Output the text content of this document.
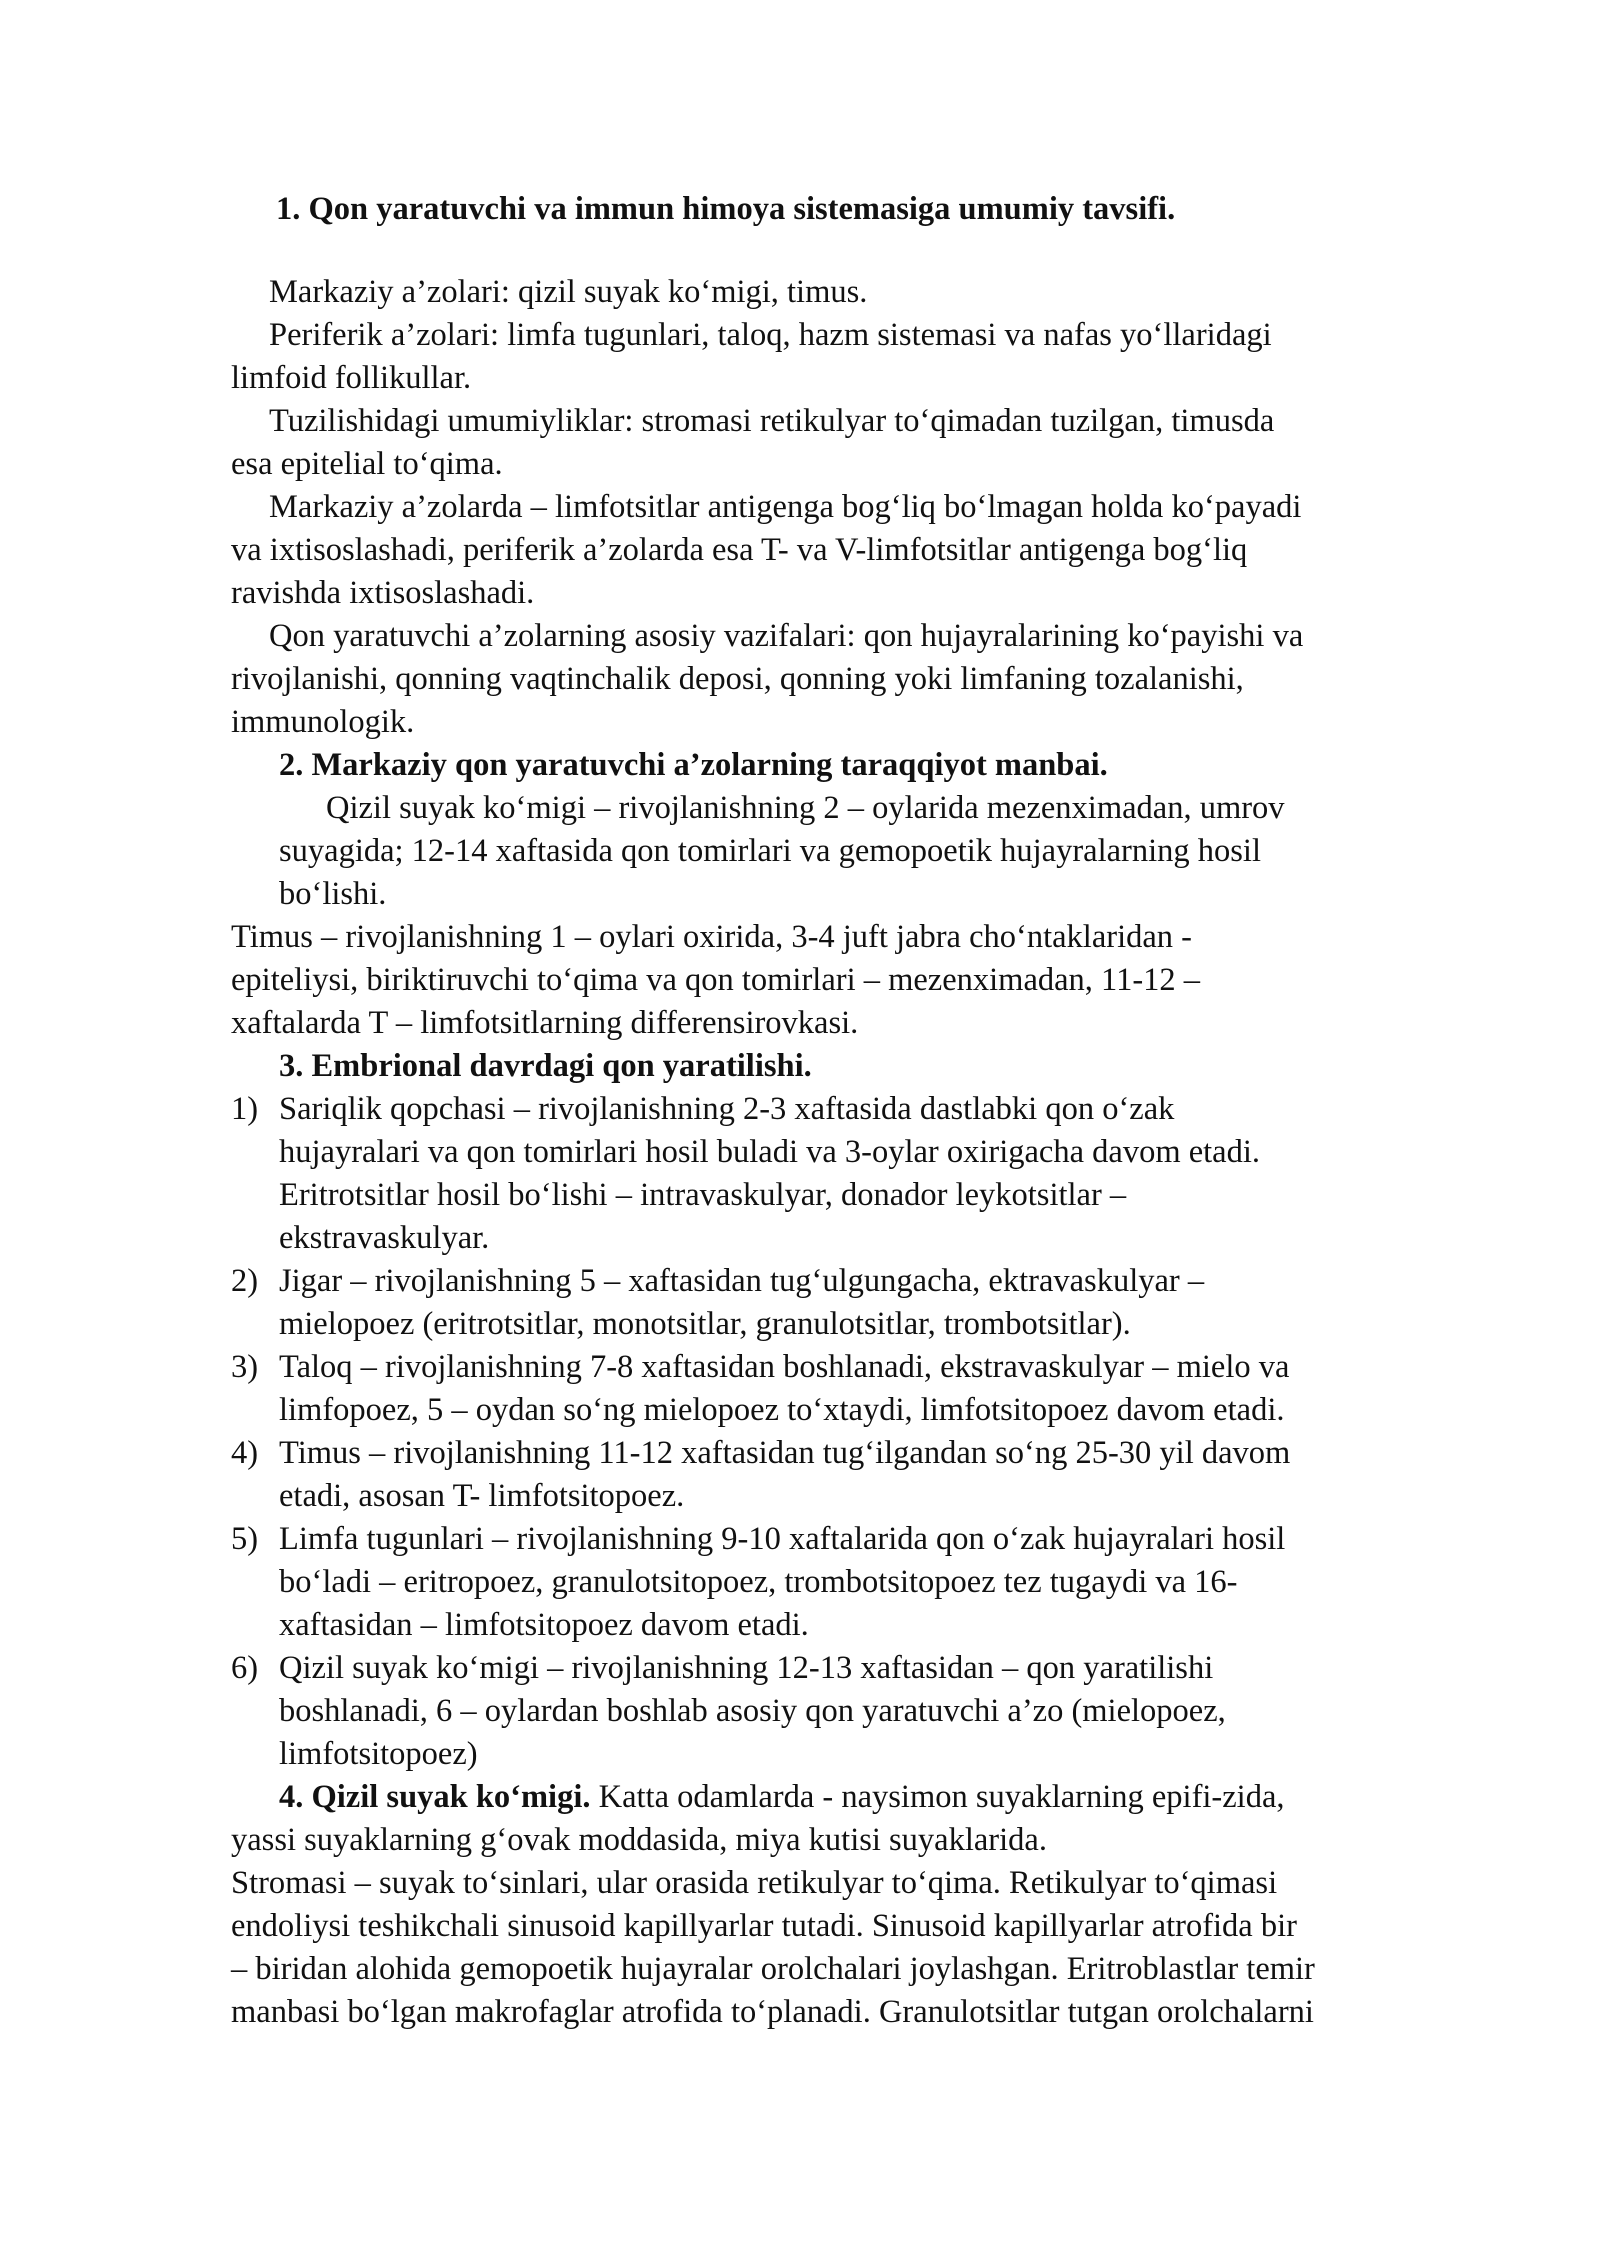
1. Qon yaratuvchi va immun himoya sistemasiga umumiy tavsifi.
Markaziy a’zolari: qizil suyak ko‘migi, timus.
Periferik a’zolari: limfa tugunlari, taloq, hazm sistemasi va nafas yo‘llaridagi
limfoid follikullar.
Tuzilishidagi umumiyliklar: stromasi retikulyar to‘qimadan tuzilgan, timusda
esa epitelial to‘qima.
Markaziy a’zolarda – limfotsitlar antigenga bog‘liq bo‘lmagan holda ko‘payadi
va ixtisoslashadi, periferik a’zolarda esa T- va V-limfotsitlar antigenga bog‘liq
ravishda ixtisoslashadi.
Qon yaratuvchi a’zolarning asosiy vazifalari: qon hujayralarining ko‘payishi va
rivojlanishi, qonning vaqtinchalik deposi, qonning yoki limfaning tozalanishi,
immunologik.
2. Markaziy qon yaratuvchi a’zolarning taraqqiyot manbai.
Qizil suyak ko‘migi – rivojlanishning 2 – oylarida mezenximadan, umrov
suyagida; 12-14 xaftasida qon tomirlari va gemopoetik hujayralarning hosil
bo‘lishi.
Timus – rivojlanishning 1 – oylari oxirida, 3-4 juft jabra cho‘ntaklaridan -
epiteliysi, biriktiruvchi to‘qima va qon tomirlari – mezenximadan, 11-12 –
xaftalarda T – limfotsitlarning differensirovkasi.
3. Embrional davrdagi qon yaratilishi.
1) Sariqlik qopchasi – rivojlanishning 2-3 xaftasida dastlabki qon o‘zak
hujayralari va qon tomirlari hosil buladi va 3-oylar oxirigacha davom etadi.
Eritrotsitlar hosil bo‘lishi – intravaskulyar, donador leykotsitlar –
ekstravaskulyar.
2) Jigar – rivojlanishning 5 – xaftasidan tug‘ulgungacha, ektravaskulyar –
mielopoez (eritrotsitlar, monotsitlar, granulotsitlar, trombotsitlar).
3) Taloq – rivojlanishning 7-8 xaftasidan boshlanadi, ekstravaskulyar – mielo va
limfopoez, 5 – oydan so‘ng mielopoez to‘xtaydi, limfotsitopoez davom etadi.
4) Timus – rivojlanishning 11-12 xaftasidan tug‘ilgandan so‘ng 25-30 yil davom
etadi, asosan T- limfotsitopoez.
5) Limfa tugunlari – rivojlanishning 9-10 xaftalarida qon o‘zak hujayralari hosil
bo‘ladi – eritropoez, granulotsitopoez, trombotsitopoez tez tugaydi va 16-
xaftasidan – limfotsitopoez davom etadi.
6) Qizil suyak ko‘migi – rivojlanishning 12-13 xaftasidan – qon yaratilishi
boshlanadi, 6 – oylardan boshlab asosiy qon yaratuvchi a’zo (mielopoez,
limfotsitopoez)
4. Qizil suyak ko‘migi. Katta odamlarda - naysimon suyaklarning epifi-zida,
yassi suyaklarning g‘ovak moddasida, miya kutisi suyaklarida.
Stromasi – suyak to‘sinlari, ular orasida retikulyar to‘qima. Retikulyar to‘qimasi
endoliysi teshikchali sinusoid kapillyarlar tutadi. Sinusoid kapillyarlar atrofida bir
– biridan alohida gemopoetik hujayralar orolchalari joylashgan. Eritroblastlar temir
manbasi bo‘lgan makrofaglar atrofida to‘planadi. Granulotsitlar tutgan orolchalarni
